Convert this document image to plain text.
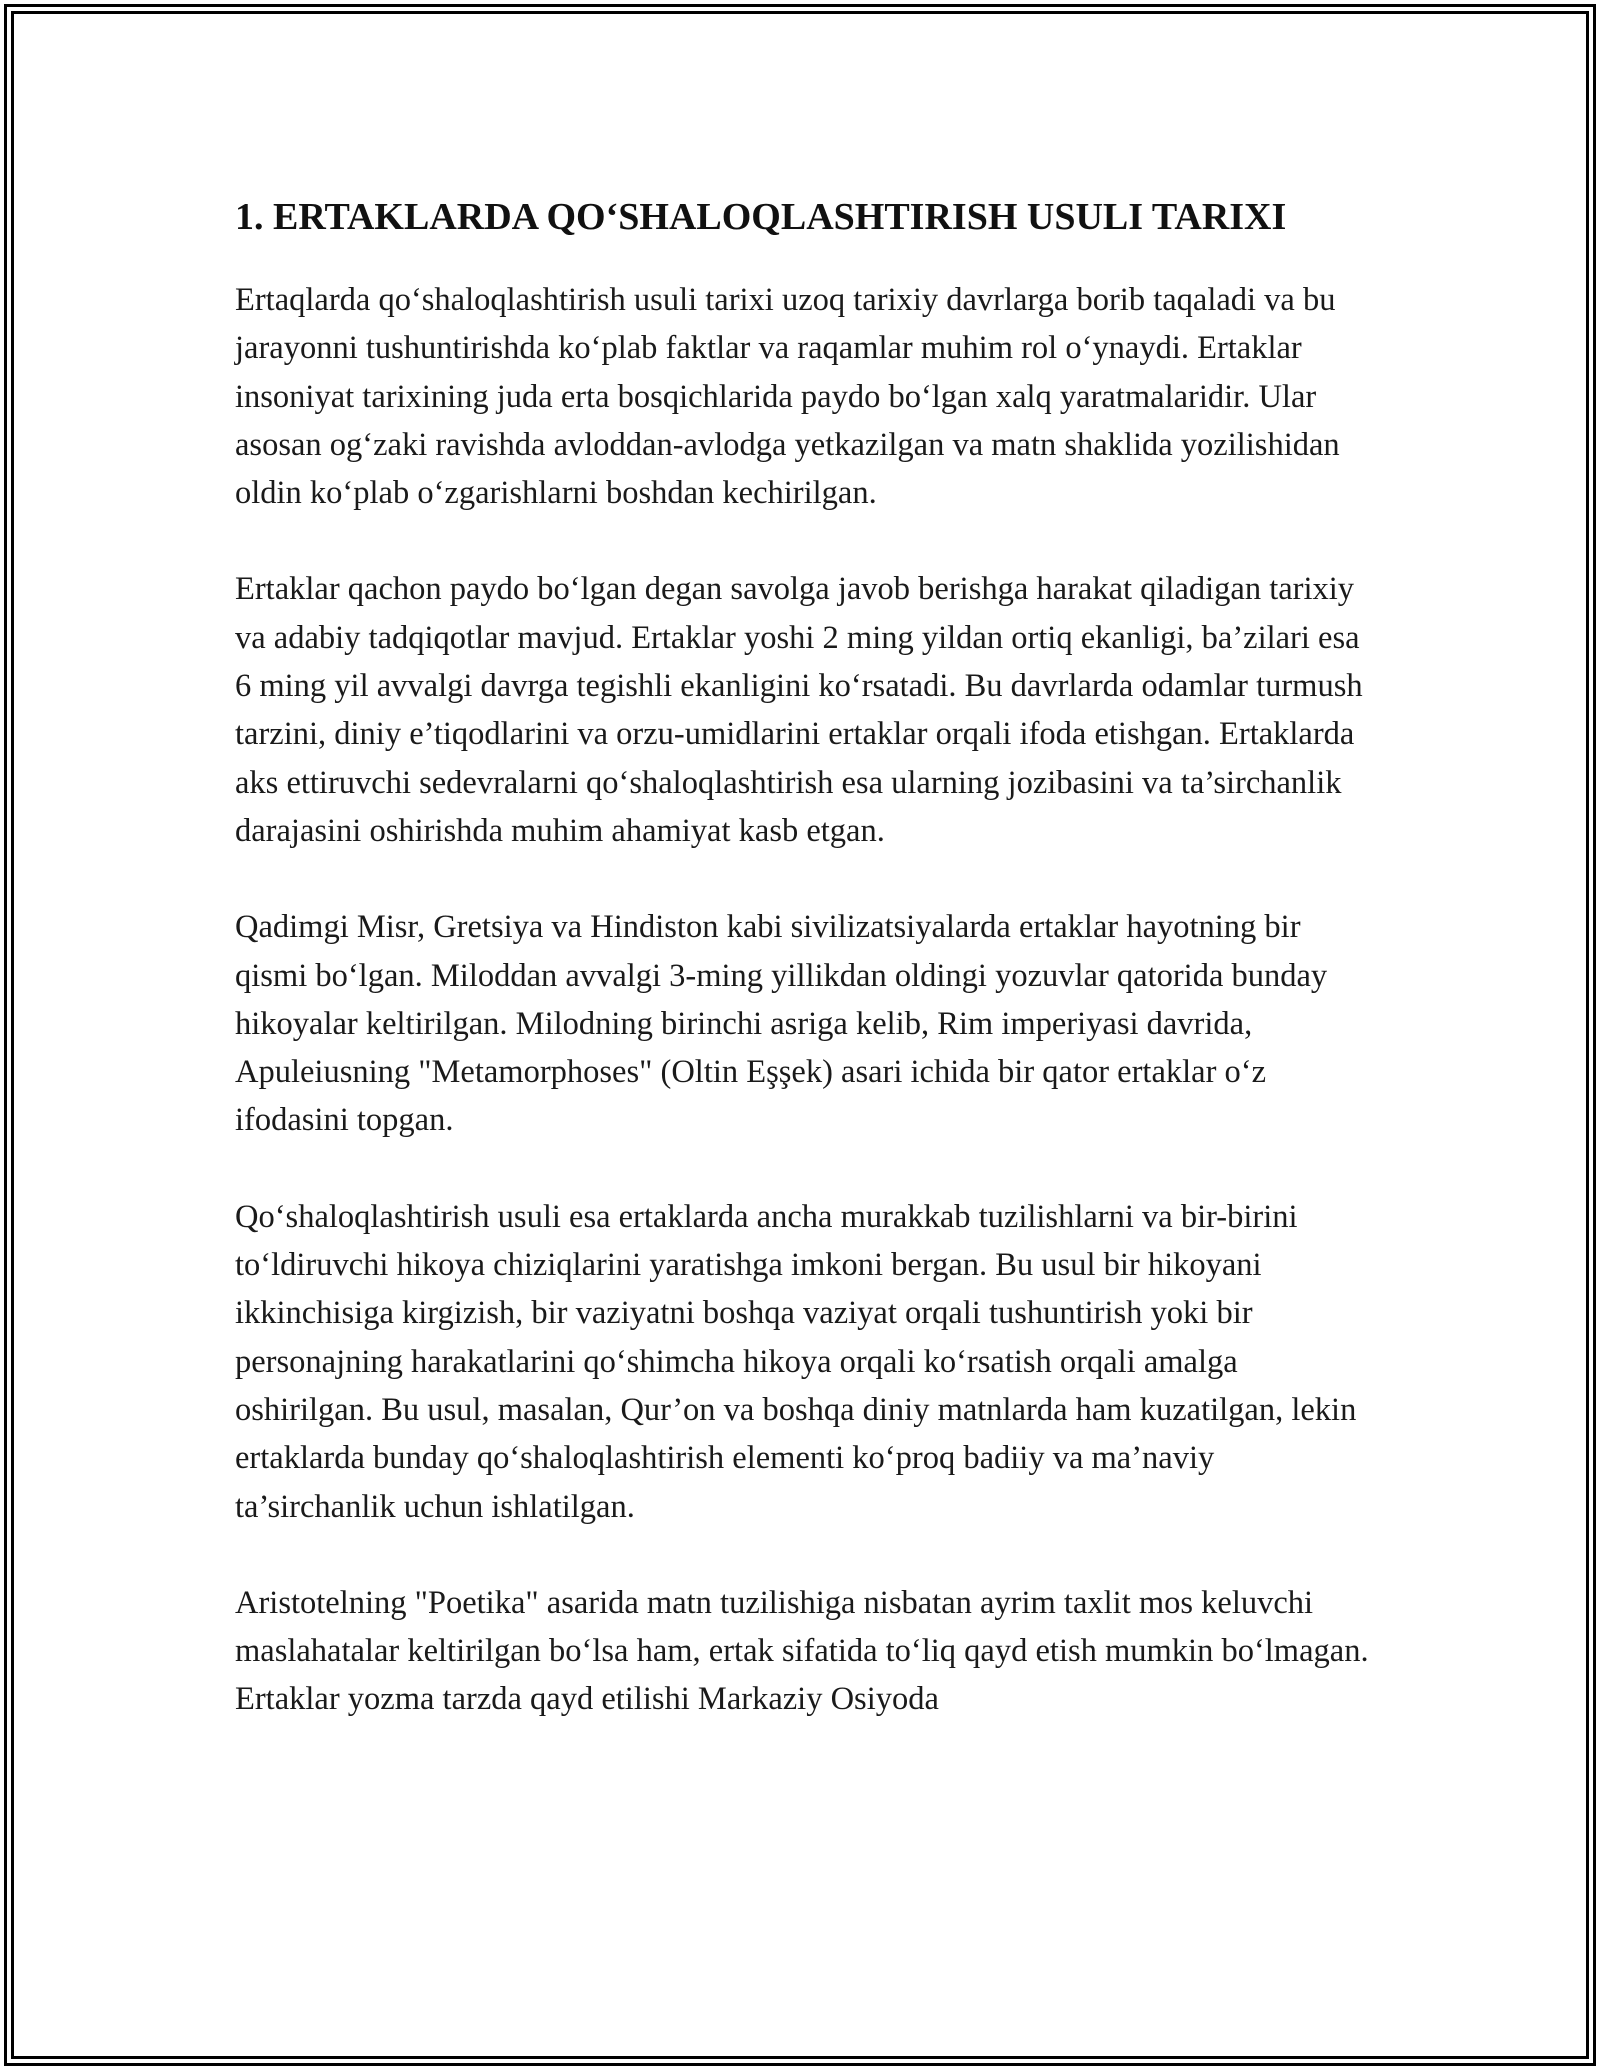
1. ERTAKLARDA QO‘SHALOQLASHTIRISH USULI TARIXI

Ertaqlarda qo‘shaloqlashtirish usuli tarixi uzoq tarixiy davrlarga borib taqaladi va bu jarayonni tushuntirishda ko‘plab faktlar va raqamlar muhim rol o‘ynaydi. Ertaklar insoniyat tarixining juda erta bosqichlarida paydo bo‘lgan xalq yaratmalaridir. Ular asosan og‘zaki ravishda avloddan-avlodga yetkazilgan va matn shaklida yozilishidan oldin ko‘plab o‘zgarishlarni boshdan kechirilgan.

Ertaklar qachon paydo bo‘lgan degan savolga javob berishga harakat qiladigan tarixiy va adabiy tadqiqotlar mavjud. Ertaklar yoshi 2 ming yildan ortiq ekanligi, ba’zilari esa 6 ming yil avvalgi davrga tegishli ekanligini ko‘rsatadi. Bu davrlarda odamlar turmush tarzini, diniy e’tiqodlarini va orzu-umidlarini ertaklar orqali ifoda etishgan. Ertaklarda aks ettiruvchi sedevralarni qo‘shaloqlashtirish esa ularning jozibasini va ta’sirchanlik darajasini oshirishda muhim ahamiyat kasb etgan.

Qadimgi Misr, Gretsiya va Hindiston kabi sivilizatsiyalarda ertaklar hayotning bir qismi bo‘lgan. Miloddan avvalgi 3-ming yillikdan oldingi yozuvlar qatorida bunday hikoyalar keltirilgan. Milodning birinchi asriga kelib, Rim imperiyasi davrida, Apuleiusning "Metamorphoses" (Oltin Eşşek) asari ichida bir qator ertaklar o‘z ifodasini topgan.

Qo‘shaloqlashtirish usuli esa ertaklarda ancha murakkab tuzilishlarni va bir-birini to‘ldiruvchi hikoya chiziqlarini yaratishga imkoni bergan. Bu usul bir hikoyani ikkinchisiga kirgizish, bir vaziyatni boshqa vaziyat orqali tushuntirish yoki bir personajning harakatlarini qo‘shimcha hikoya orqali ko‘rsatish orqali amalga oshirilgan. Bu usul, masalan, Qur’on va boshqa diniy matnlarda ham kuzatilgan, lekin ertaklarda bunday qo‘shaloqlashtirish elementi ko‘proq badiiy va ma’naviy ta’sirchanlik uchun ishlatilgan.

Aristotelning "Poetika" asarida matn tuzilishiga nisbatan ayrim taxlit mos keluvchi maslahatalar keltirilgan bo‘lsa ham, ertak sifatida to‘liq qayd etish mumkin bo‘lmagan. Ertaklar yozma tarzda qayd etilishi Markaziy Osiyoda
